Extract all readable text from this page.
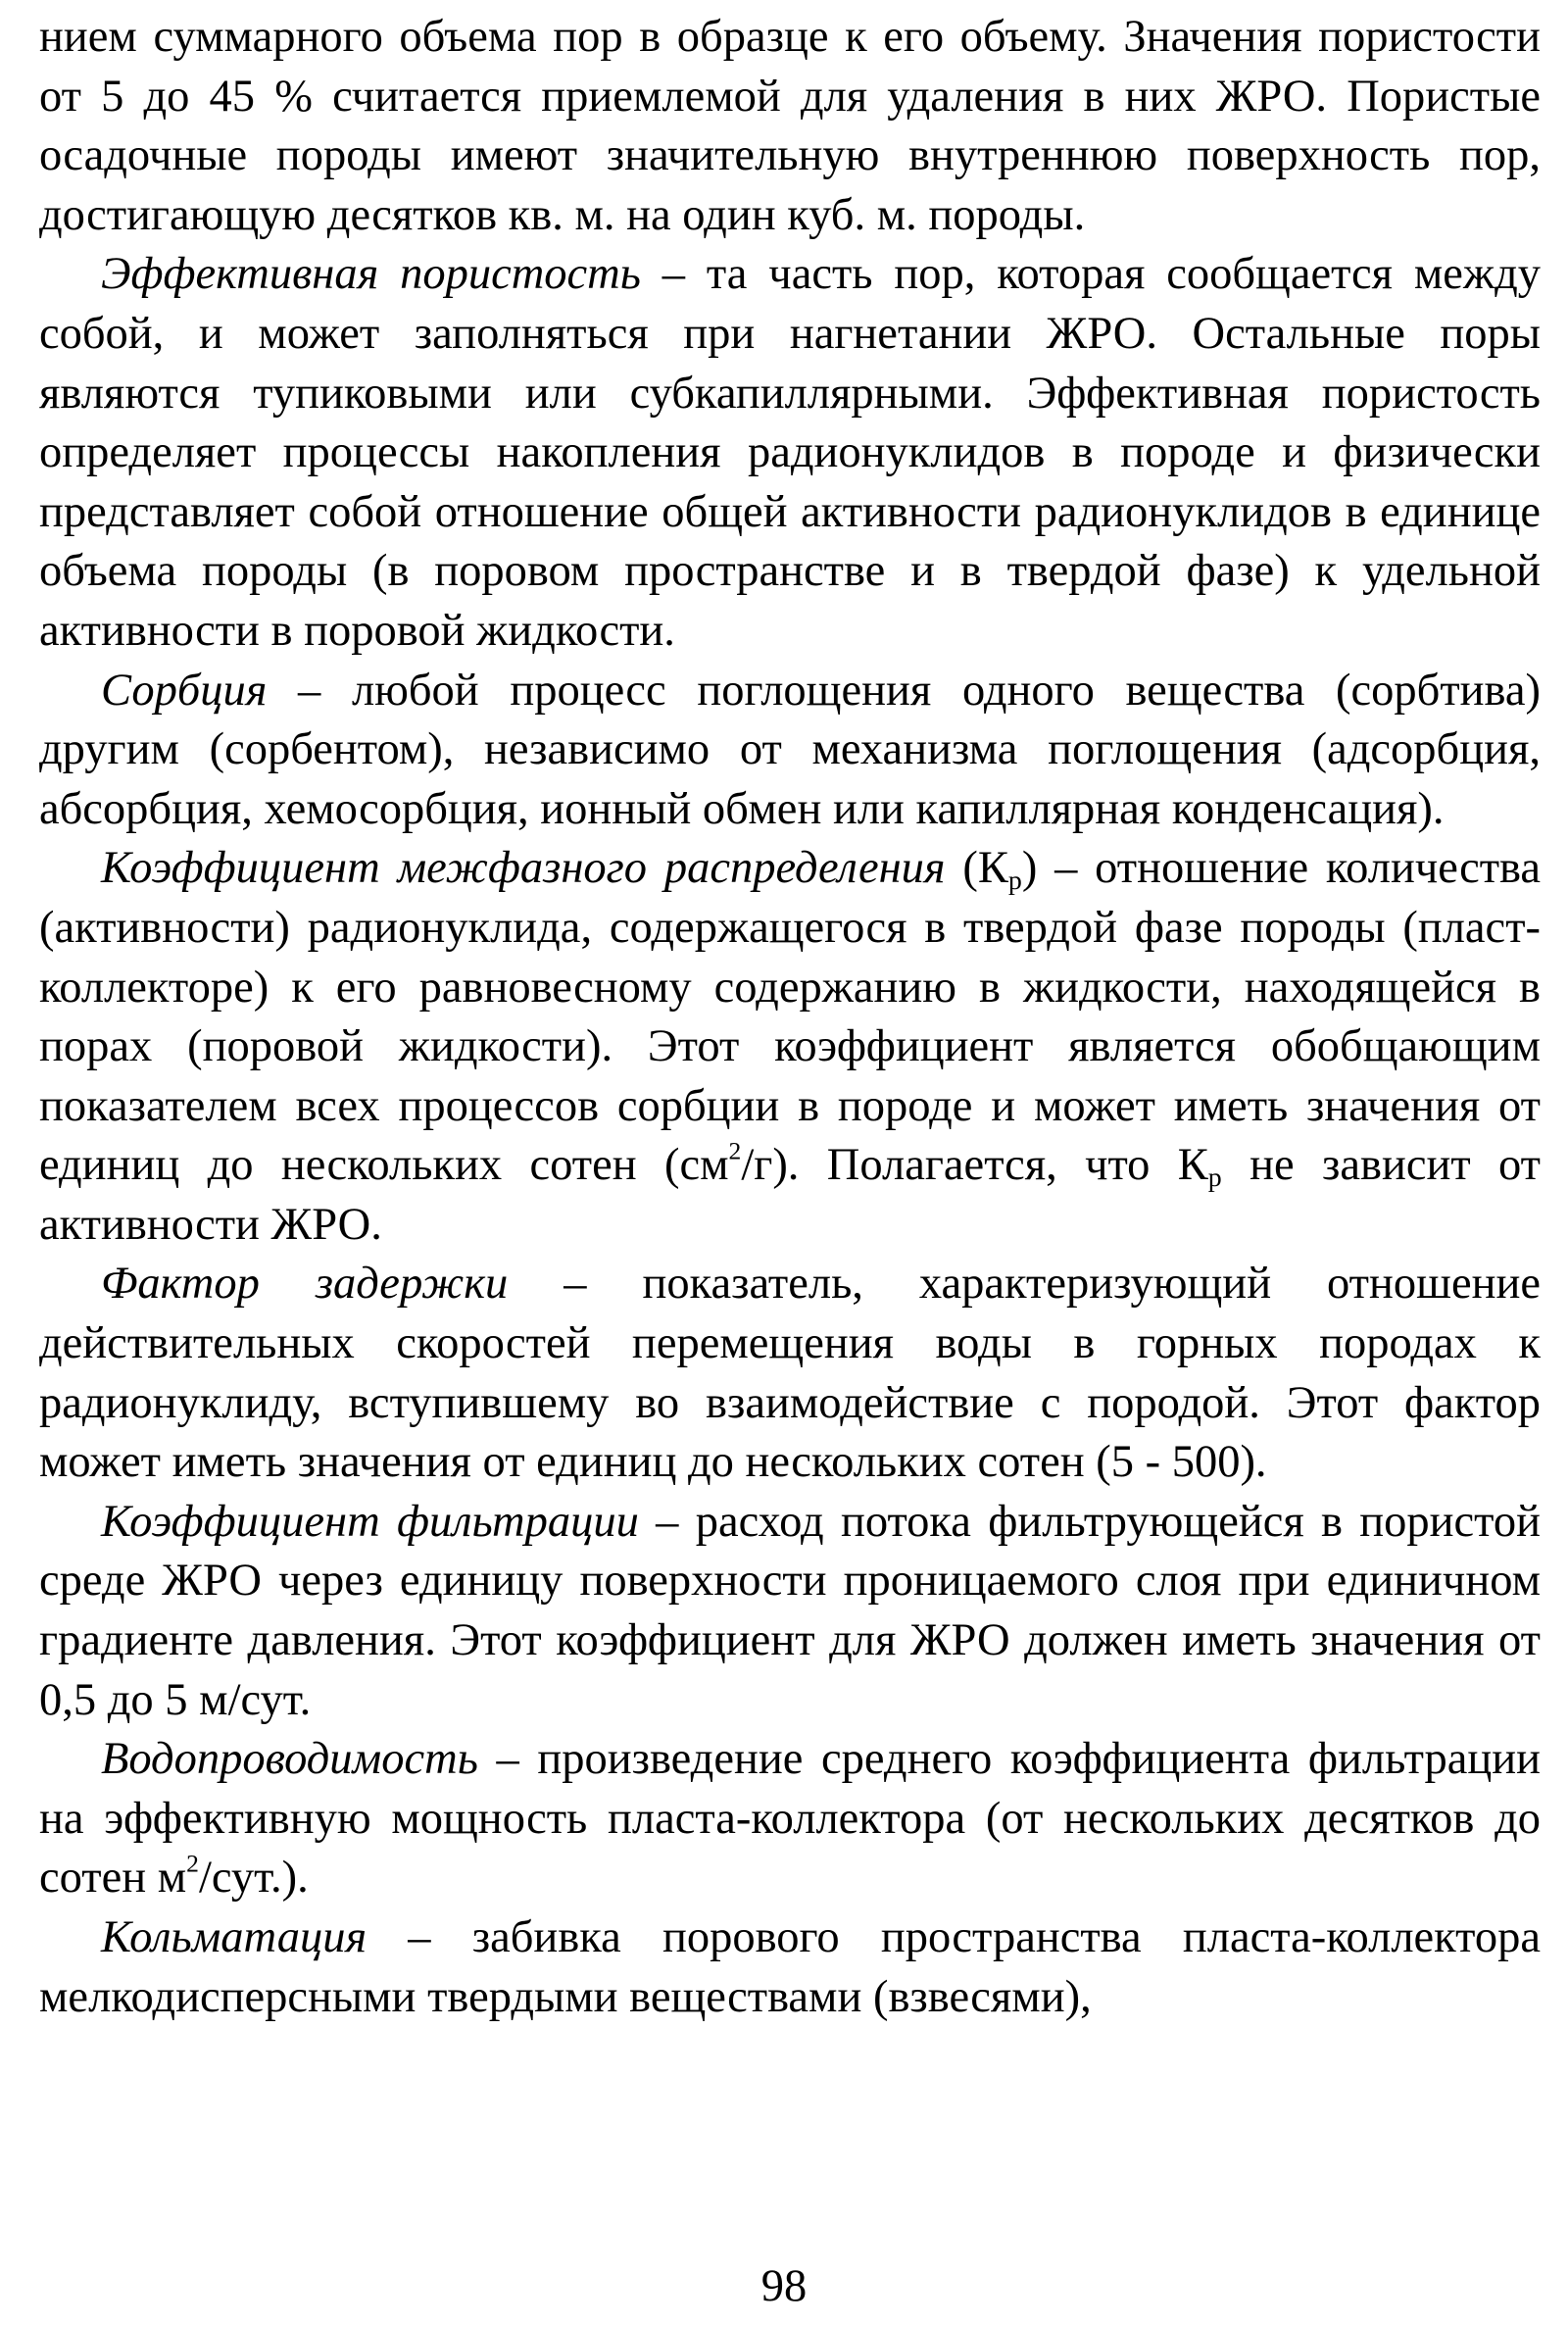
нием суммарного объема пор в образце к его объему. Значения пористости от 5 до 45 % считается приемлемой для удаления в них ЖРО. Пористые осадочные породы имеют значительную внутреннюю поверхность пор, достигающую десятков кв. м. на один куб. м. породы.

Эффективная пористость – та часть пор, которая сообщается между собой, и может заполняться при нагнетании ЖРО. Остальные поры являются тупиковыми или субкапиллярными. Эффективная пористость определяет процессы накопления радионуклидов в породе и физически представляет собой отношение общей активности радионуклидов в единице объема породы (в поровом пространстве и в твердой фазе) к удельной активности в поровой жидкости.

Сорбция – любой процесс поглощения одного вещества (сорбтива) другим (сорбентом), независимо от механизма поглощения (адсорбция, абсорбция, хемосорбция, ионный обмен или капиллярная конденсация).

Коэффициент межфазного распределения $(К_р)$ – отношение количества (активности) радионуклида, содержащегося в твердой фазе породы (пласт-коллекторе) к его равновесному содержанию в жидкости, находящейся в порах (поровой жидкости). Этот коэффициент является обобщающим показателем всех процессов сорбции в породе и может иметь значения от единиц до нескольких сотен $(см^2/г)$. Полагается, что $К_р$ не зависит от активности ЖРО.

Фактор задержки – показатель, характеризующий отношение действительных скоростей перемещения воды в горных породах к радионуклиду, вступившему во взаимодействие с породой. Этот фактор может иметь значения от единиц до нескольких сотен (5 - 500).

Коэффициент фильтрации – расход потока фильтрующейся в пористой среде ЖРО через единицу поверхности проницаемого слоя при единичном градиенте давления. Этот коэффициент для ЖРО должен иметь значения от 0,5 до 5 м/сут.

Водопроводимость – произведение среднего коэффициента фильтрации на эффективную мощность пласта-коллектора (от нескольких десятков до сотен $м^2/сут$.).

Кольматация – забивка порового пространства пласта-коллектора мелкодисперсными твердыми веществами (взвесями),

98
